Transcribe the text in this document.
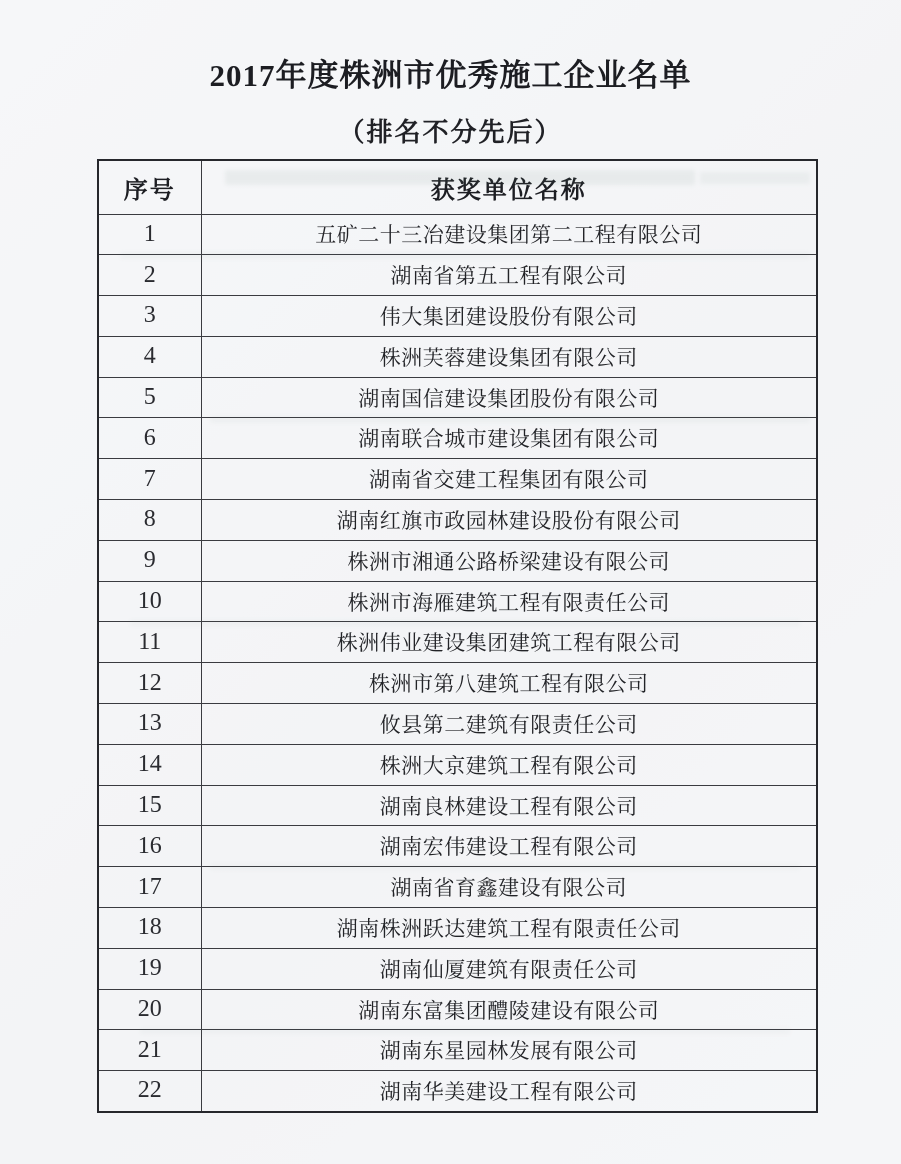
2017年度株洲市优秀施工企业名单
（排名不分先后）
序号	获奖单位名称
1	五矿二十三冶建设集团第二工程有限公司
2	湖南省第五工程有限公司
3	伟大集团建设股份有限公司
4	株洲芙蓉建设集团有限公司
5	湖南国信建设集团股份有限公司
6	湖南联合城市建设集团有限公司
7	湖南省交建工程集团有限公司
8	湖南红旗市政园林建设股份有限公司
9	株洲市湘通公路桥梁建设有限公司
10	株洲市海雁建筑工程有限责任公司
11	株洲伟业建设集团建筑工程有限公司
12	株洲市第八建筑工程有限公司
13	攸县第二建筑有限责任公司
14	株洲大京建筑工程有限公司
15	湖南良林建设工程有限公司
16	湖南宏伟建设工程有限公司
17	湖南省育鑫建设有限公司
18	湖南株洲跃达建筑工程有限责任公司
19	湖南仙厦建筑有限责任公司
20	湖南东富集团醴陵建设有限公司
21	湖南东星园林发展有限公司
22	湖南华美建设工程有限公司
